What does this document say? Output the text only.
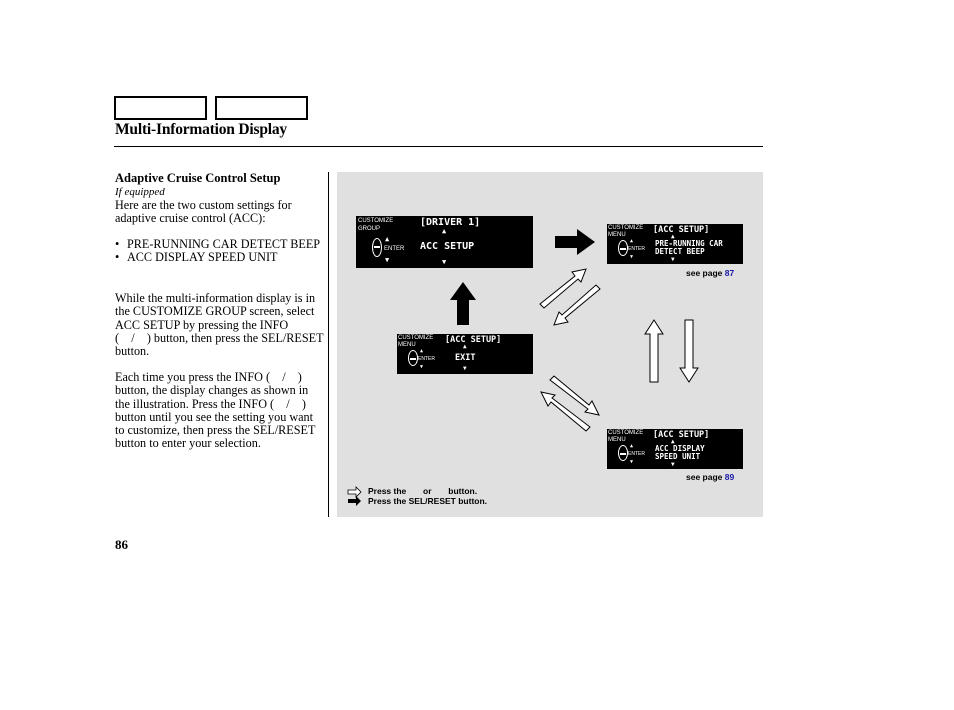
Multi-Information Display
Adaptive Cruise Control Setup
If equipped
Here are the two custom settings for adaptive cruise control (ACC):
• PRE-RUNNING CAR DETECT BEEP
• ACC DISPLAY SPEED UNIT
While the multi-information display is in the CUSTOMIZE GROUP screen, select ACC SETUP by pressing the INFO ( / ) button, then press the SEL/RESET button.
Each time you press the INFO ( / ) button, the display changes as shown in the illustration. Press the INFO ( / ) button until you see the setting you want to customize, then press the SEL/RESET button to enter your selection.
86
CUSTOMIZE
GROUP
▲
ENTER
▼
[DRIVER 1]
▲
ACC SETUP
▼
CUSTOMIZE
MENU
▲
ENTER
▼
[ACC SETUP]
▲
EXIT
▼
CUSTOMIZE
MENU
▲
ENTER
▼
[ACC SETUP]
▲
PRE-RUNNING CAR
DETECT BEEP
▼
see page 87
CUSTOMIZE
MENU
▲
ENTER
▼
[ACC SETUP]
▲
ACC DISPLAY
SPEED UNIT
▼
see page 89
Press the or button.
Press the SEL/RESET button.
